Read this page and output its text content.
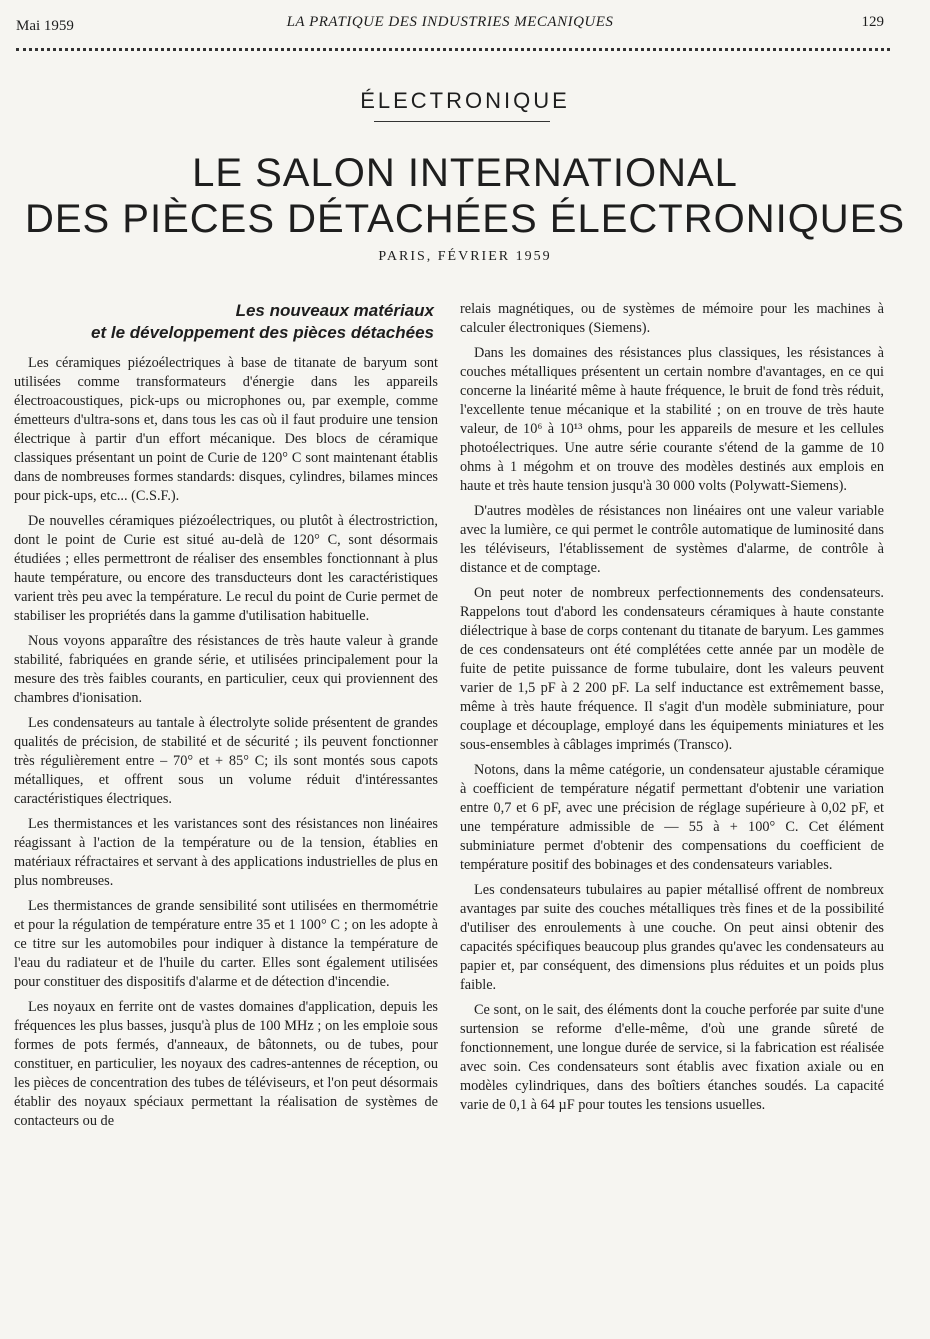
Mai 1959	LA PRATIQUE DES INDUSTRIES MECANIQUES	129
ÉLECTRONIQUE
LE SALON INTERNATIONAL
DES PIÈCES DÉTACHÉES ÉLECTRONIQUES
PARIS, FÉVRIER 1959
Les nouveaux matériaux
et le développement des pièces détachées

Les céramiques piézoélectriques à base de titanate de baryum sont utilisées comme transformateurs d'énergie dans les appareils électroacoustiques, pick-ups ou microphones ou, par exemple, comme émetteurs d'ultra-sons et, dans tous les cas où il faut produire une tension électrique à partir d'un effort mécanique. Des blocs de céramique classiques présentant un point de Curie de 120° C sont maintenant établis dans de nombreuses formes standards: disques, cylindres, bilames minces pour pick-ups, etc... (C.S.F.).

De nouvelles céramiques piézoélectriques, ou plutôt à électrostriction, dont le point de Curie est situé au-delà de 120° C, sont désormais étudiées ; elles permettront de réaliser des ensembles fonctionnant à plus haute température, ou encore des transducteurs dont les caractéristiques varient très peu avec la température. Le recul du point de Curie permet de stabiliser les propriétés dans la gamme d'utilisation habituelle.

Nous voyons apparaître des résistances de très haute valeur à grande stabilité, fabriquées en grande série, et utilisées principalement pour la mesure des très faibles courants, en particulier, ceux qui proviennent des chambres d'ionisation.

Les condensateurs au tantale à électrolyte solide présentent de grandes qualités de précision, de stabilité et de sécurité ; ils peuvent fonctionner très régulièrement entre – 70° et + 85° C; ils sont montés sous capots métalliques, et offrent sous un volume réduit d'intéressantes caractéristiques électriques.

Les thermistances et les varistances sont des résistances non linéaires réagissant à l'action de la température ou de la tension, établies en matériaux réfractaires et servant à des applications industrielles de plus en plus nombreuses.

Les thermistances de grande sensibilité sont utilisées en thermométrie et pour la régulation de température entre 35 et 1 100° C ; on les adopte à ce titre sur les automobiles pour indiquer à distance la température de l'eau du radiateur et de l'huile du carter. Elles sont également utilisées pour constituer des dispositifs d'alarme et de détection d'incendie.

Les noyaux en ferrite ont de vastes domaines d'application, depuis les fréquences les plus basses, jusqu'à plus de 100 MHz ; on les emploie sous formes de pots fermés, d'anneaux, de bâtonnets, ou de tubes, pour constituer, en particulier, les noyaux des cadres-antennes de réception, ou les pièces de concentration des tubes de téléviseurs, et l'on peut désormais établir des noyaux spéciaux permettant la réalisation de systèmes de contacteurs ou de

relais magnétiques, ou de systèmes de mémoire pour les machines à calculer électroniques (Siemens).

Dans les domaines des résistances plus classiques, les résistances à couches métalliques présentent un certain nombre d'avantages, en ce qui concerne la linéarité même à haute fréquence, le bruit de fond très réduit, l'excellente tenue mécanique et la stabilité ; on en trouve de très haute valeur, de 10⁶ à 10¹³ ohms, pour les appareils de mesure et les cellules photoélectriques. Une autre série courante s'étend de la gamme de 10 ohms à 1 mégohm et on trouve des modèles destinés aux emplois en haute et très haute tension jusqu'à 30 000 volts (Polywatt-Siemens).

D'autres modèles de résistances non linéaires ont une valeur variable avec la lumière, ce qui permet le contrôle automatique de luminosité dans les téléviseurs, l'établissement de systèmes d'alarme, de contrôle à distance et de comptage.

On peut noter de nombreux perfectionnements des condensateurs. Rappelons tout d'abord les condensateurs céramiques à haute constante diélectrique à base de corps contenant du titanate de baryum. Les gammes de ces condensateurs ont été complétées cette année par un modèle de fuite de petite puissance de forme tubulaire, dont les valeurs peuvent varier de 1,5 pF à 2 200 pF. La self inductance est extrêmement basse, même à très haute fréquence. Il s'agit d'un modèle subminiature, pour couplage et découplage, employé dans les équipements miniatures et les sous-ensembles à câblages imprimés (Transco).

Notons, dans la même catégorie, un condensateur ajustable céramique à coefficient de température négatif permettant d'obtenir une variation entre 0,7 et 6 pF, avec une précision de réglage supérieure à 0,02 pF, et une température admissible de — 55 à + 100° C. Cet élément subminiature permet d'obtenir des compensations du coefficient de température positif des bobinages et des condensateurs variables.

Les condensateurs tubulaires au papier métallisé offrent de nombreux avantages par suite des couches métalliques très fines et de la possibilité d'utiliser des enroulements à une couche. On peut ainsi obtenir des capacités spécifiques beaucoup plus grandes qu'avec les condensateurs au papier et, par conséquent, des dimensions plus réduites et un poids plus faible.

Ce sont, on le sait, des éléments dont la couche perforée par suite d'une surtension se reforme d'elle-même, d'où une grande sûreté de fonctionnement, une longue durée de service, si la fabrication est réalisée avec soin. Ces condensateurs sont établis avec fixation axiale ou en modèles cylindriques, dans des boîtiers étanches soudés. La capacité varie de 0,1 à 64 µF pour toutes les tensions usuelles.
